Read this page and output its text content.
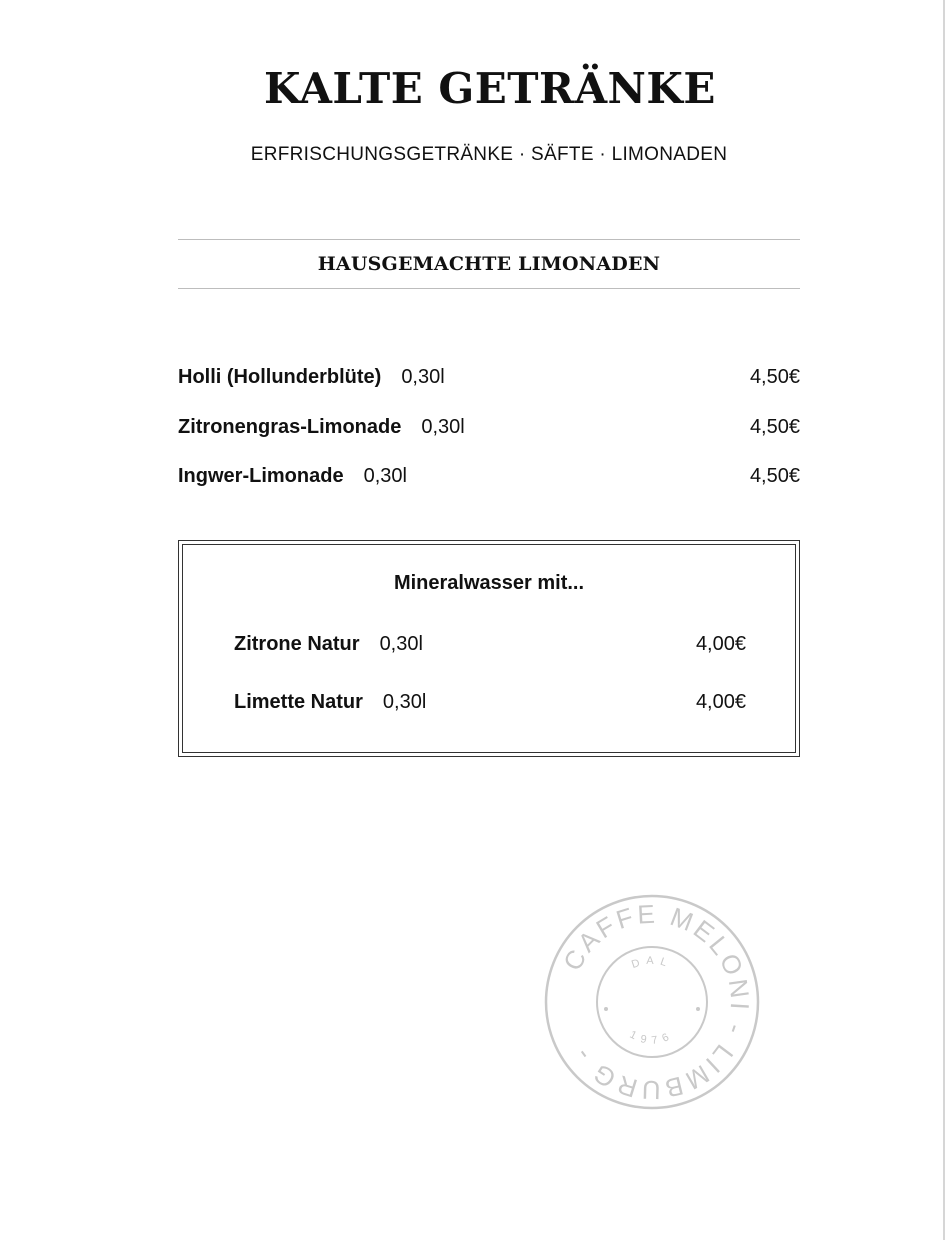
KALTE GETRÄNKE

ERFRISCHUNGSGETRÄNKE · SÄFTE · LIMONADEN

HAUSGEMACHTE LIMONADEN
Holli (Hollunderblüte) 0,30l	4,50€
Zitronengras-Limonade 0,30l	4,50€
Ingwer-Limonade 0,30l	4,50€
Mineralwasser mit...
Zitrone Natur 0,30l	4,00€
Limette Natur 0,30l	4,00€
CAFFE MELONI - LIMBURG -
DAL
1976
